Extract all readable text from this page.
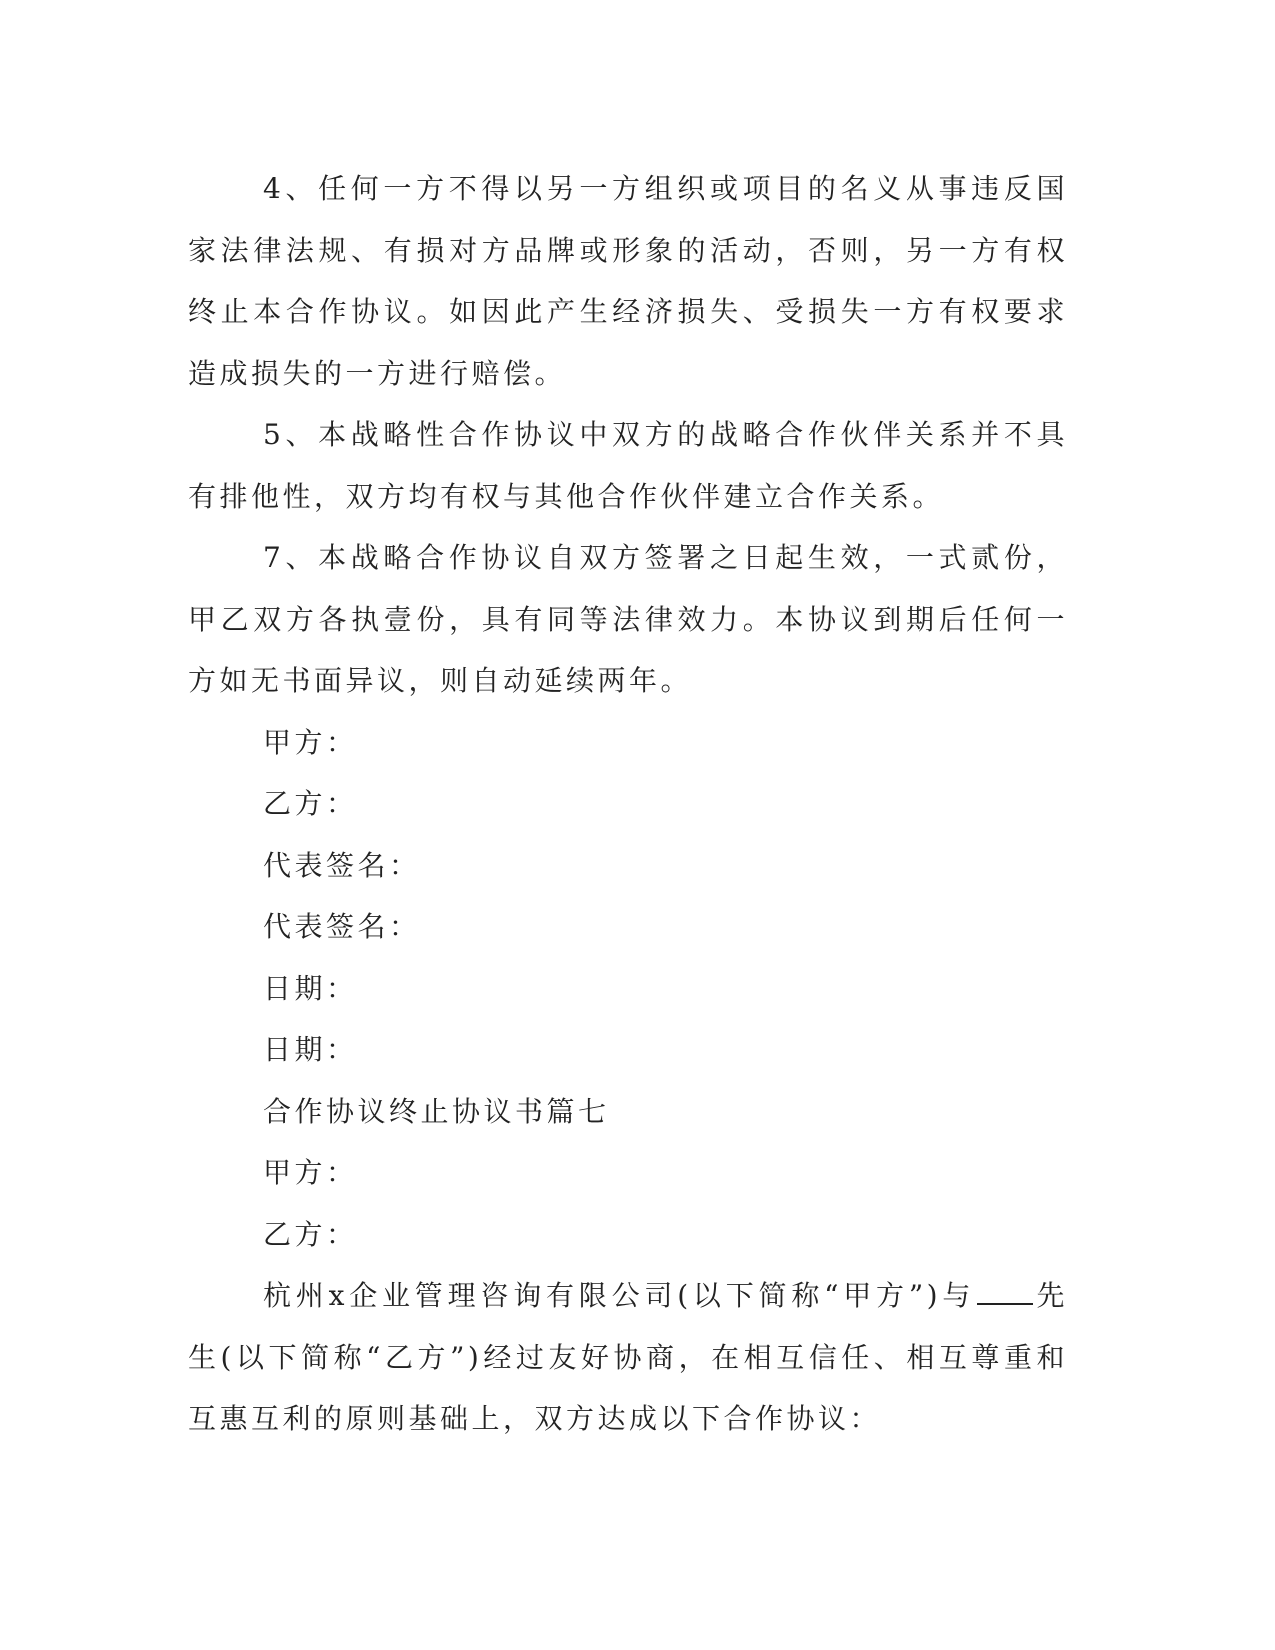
4、任何一方不得以另一方组织或项目的名义从事违反国家法律法规、有损对方品牌或形象的活动，否则，另一方有权终止本合作协议。如因此产生经济损失、受损失一方有权要求造成损失的一方进行赔偿。

5、本战略性合作协议中双方的战略合作伙伴关系并不具有排他性，双方均有权与其他合作伙伴建立合作关系。

7、本战略合作协议自双方签署之日起生效，一式贰份，甲乙双方各执壹份，具有同等法律效力。本协议到期后任何一方如无书面异议，则自动延续两年。

甲方：

乙方：

代表签名：

代表签名：

日期：

日期：

合作协议终止协议书篇七

甲方：

乙方：

杭州x企业管理咨询有限公司(以下简称“甲方”)与 先生(以下简称“乙方”)经过友好协商，在相互信任、相互尊重和互惠互利的原则基础上，双方达成以下合作协议：
